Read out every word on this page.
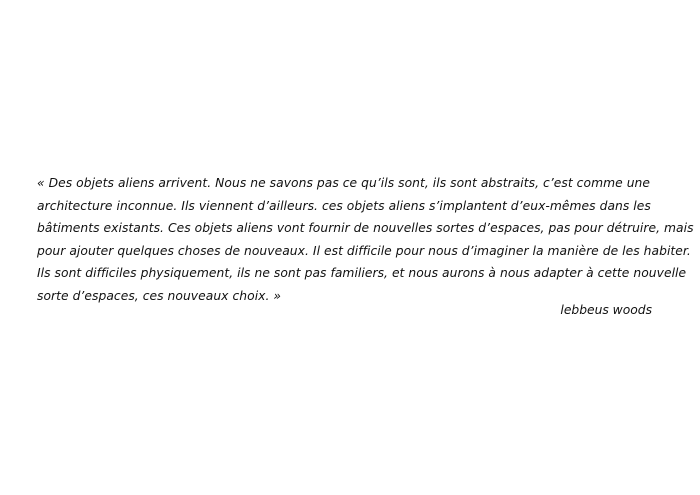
« Des objets aliens arrivent. Nous ne savons pas ce qu’ils sont, ils sont abstraits, c’est comme une
architecture inconnue. Ils viennent d’ailleurs. ces objets aliens s’implantent d’eux-mêmes dans les
bâtiments existants. Ces objets aliens vont fournir de nouvelles sortes d’espaces, pas pour détruire, mais
pour ajouter quelques choses de nouveaux. Il est difficile pour nous d’imaginer la manière de les habiter.
Ils sont difficiles physiquement, ils ne sont pas familiers, et nous aurons à nous adapter à cette nouvelle
sorte d’espaces, ces nouveaux choix. »
lebbeus woods
